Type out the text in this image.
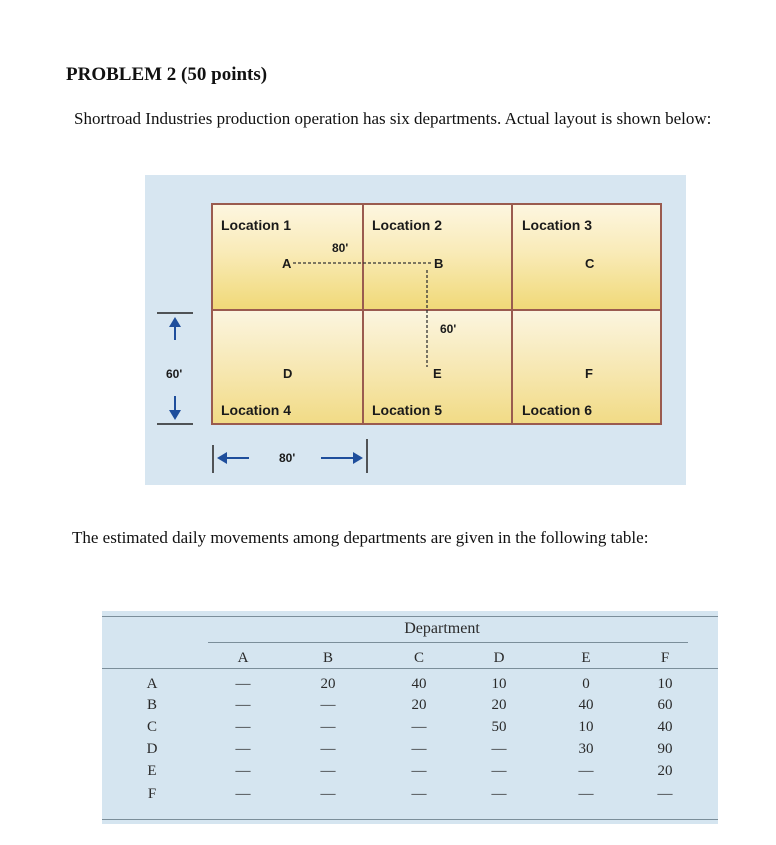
PROBLEM 2 (50 points)

Shortroad Industries production operation has six departments. Actual layout is shown below:

Location 1	Location 2	Location 3
Location 4	Location 5	Location 6
A	B	C
D	E	F
80'
60'
60'
80'

The estimated daily movements among departments are given in the following table:

Department
A	B	C	D	E	F
A	—	20	40	10	0	10
B	—	—	20	20	40	60
C	—	—	—	50	10	40
D	—	—	—	—	30	90
E	—	—	—	—	—	20
F	—	—	—	—	—	—
